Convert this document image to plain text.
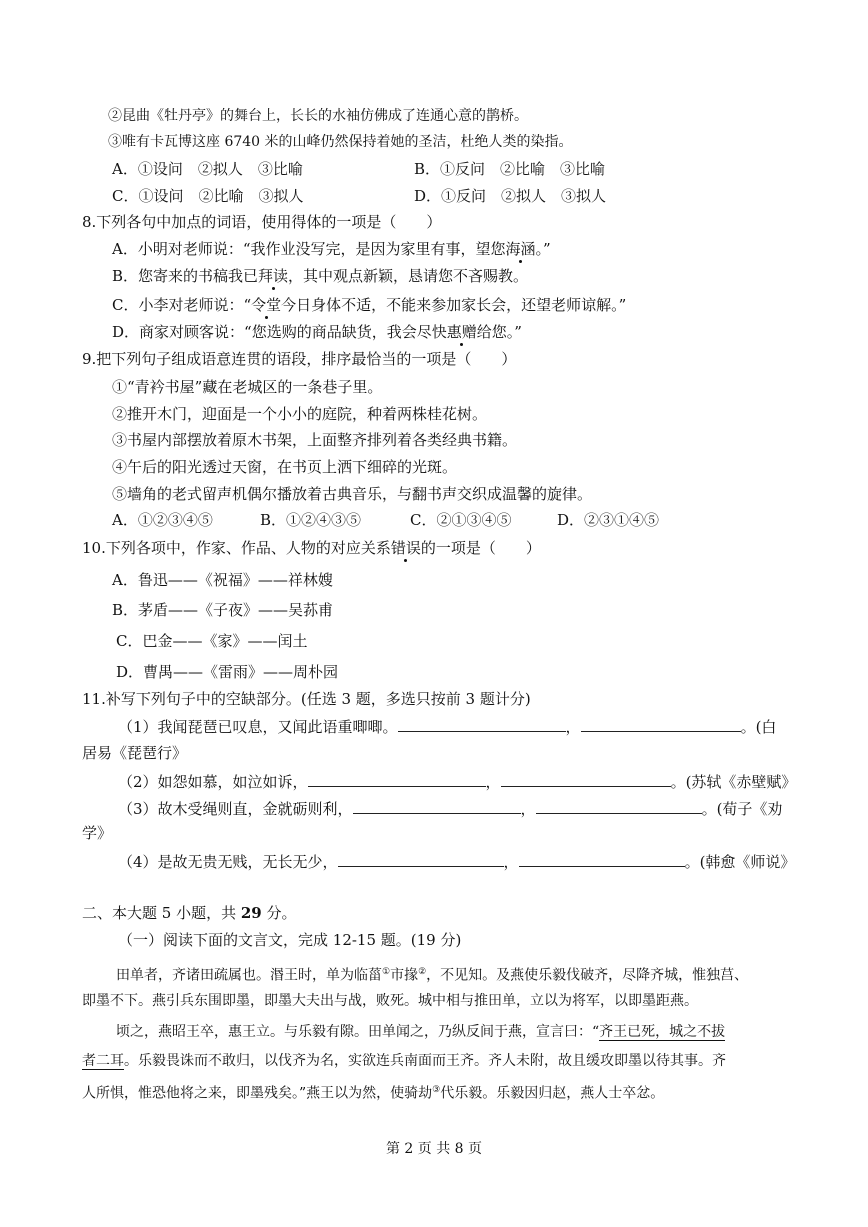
②昆曲《牡丹亭》的舞台上，长长的水袖仿佛成了连通心意的鹊桥。
③唯有卡瓦博这座 6740 米的山峰仍然保持着她的圣洁，杜绝人类的染指。
A．①设问　②拟人　③比喻	B．①反问　②比喻　③比喻
C．①设问　②比喻　③拟人	D．①反问　②拟人　③拟人
8.下列各句中加点的词语，使用得体的一项是（　　）
A．小明对老师说：“我作业没写完，是因为家里有事，望您海涵。”
B．您寄来的书稿我已拜读，其中观点新颖，恳请您不吝赐教。
C．小李对老师说：“令堂今日身体不适，不能来参加家长会，还望老师谅解。”
D．商家对顾客说：“您选购的商品缺货，我会尽快惠赠给您。”
9.把下列句子组成语意连贯的语段，排序最恰当的一项是（　　）
①“青衿书屋”藏在老城区的一条巷子里。
②推开木门，迎面是一个小小的庭院，种着两株桂花树。
③书屋内部摆放着原木书架，上面整齐排列着各类经典书籍。
④午后的阳光透过天窗，在书页上洒下细碎的光斑。
⑤墙角的老式留声机偶尔播放着古典音乐，与翻书声交织成温馨的旋律。
A．①②③④⑤	B．①②④③⑤	C．②①③④⑤	D．②③①④⑤
10.下列各项中，作家、作品、人物的对应关系错误的一项是（　　）
A．鲁迅——《祝福》——祥林嫂
B．茅盾——《子夜》——吴荪甫
C．巴金——《家》——闰土
D．曹禺——《雷雨》——周朴园
11.补写下列句子中的空缺部分。(任选 3 题，多选只按前 3 题计分)
（1）我闻琵琶已叹息，又闻此语重唧唧。	，	。(白
居易《琵琶行》
（2）如怨如慕，如泣如诉，	，	。(苏轼《赤壁赋》
（3）故木受绳则直，金就砺则利，	，	。(荀子《劝
学》
（4）是故无贵无贱，无长无少，	，	。(韩愈《师说》
二、本大题 5 小题，共 29 分。
（一）阅读下面的文言文，完成 12-15 题。(19 分)
田单者，齐诸田疏属也。湣王时，单为临菑①市掾②，不见知。及燕使乐毅伐破齐，尽降齐城，惟独莒、
即墨不下。燕引兵东围即墨，即墨大夫出与战，败死。城中相与推田单，立以为将军，以即墨距燕。
顷之，燕昭王卒，惠王立。与乐毅有隙。田单闻之，乃纵反间于燕，宣言曰：“齐王已死，城之不拔
者二耳。乐毅畏诛而不敢归，以伐齐为名，实欲连兵南面而王齐。齐人未附，故且缓攻即墨以待其事。齐
人所惧，惟恐他将之来，即墨残矣。”燕王以为然，使骑劫③代乐毅。乐毅因归赵，燕人士卒忿。
第 2 页 共 8 页
